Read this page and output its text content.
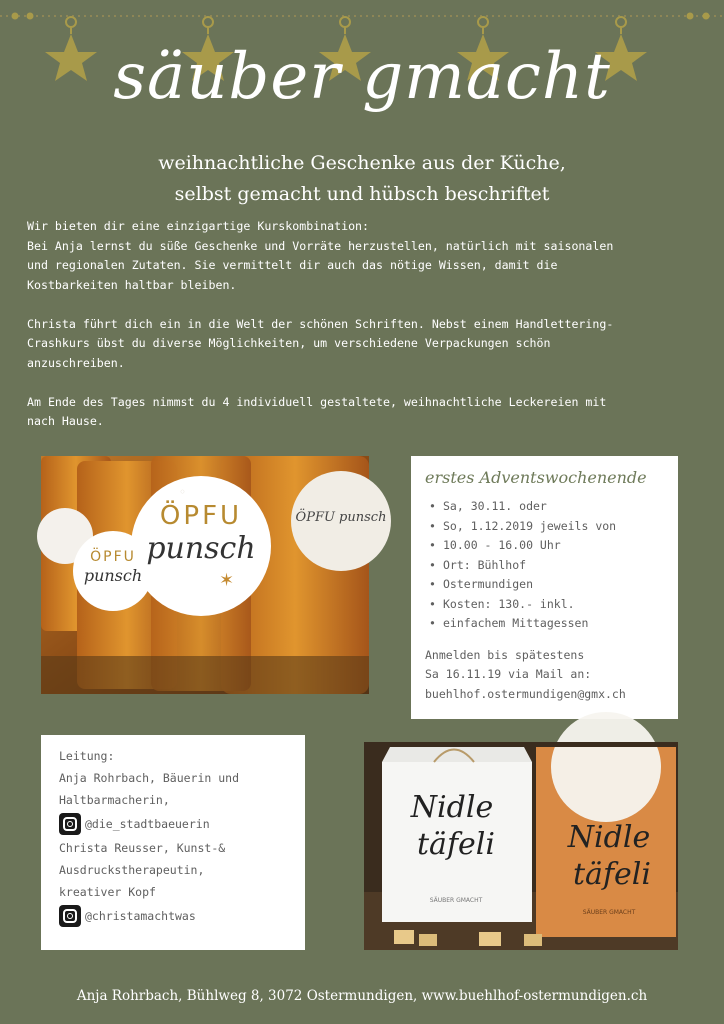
säuber gmacht
weihnachtliche Geschenke aus der Küche,
selbst gemacht und hübsch beschriftet

Wir bieten dir eine einzigartige Kurskombination:

Bei Anja lernst du süße Geschenke und Vorräte herzustellen, natürlich mit saisonalen

und regionalen Zutaten. Sie vermittelt dir auch das nötige Wissen, damit die

Kostbarkeiten haltbar bleiben.

Christa führt dich ein in die Welt der schönen Schriften. Nebst einem Handlettering-

Crashkurs übst du diverse Möglichkeiten, um verschiedene Verpackungen schön

anzuschreiben.

Am Ende des Tages nimmst du 4 individuell gestaltete, weihnachtliche Leckereien mit

nach Hause.

◦
ÖPFU
punsch
✶
ÖPFU
punsch
ÖPFU punsch
erstes Adventswochenende
• Sa, 30.11. oder
• So, 1.12.2019 jeweils von
• 10.00 - 16.00 Uhr
• Ort: Bühlhof
• Ostermundigen
• Kosten: 130.- inkl.
• einfachem Mittagessen
Anmelden bis spätestens
Sa 16.11.19 via Mail an:
buehlhof.ostermundigen@gmx.ch
Leitung:
Anja Rohrbach, Bäuerin und
Haltbarmacherin,
@die_stadtbaeuerin
Christa Reusser, Kunst-&
Ausdruckstherapeutin,
kreativer Kopf
@christamachtwas
Nidle
täfeli
SÄUBER GMACHT
Nidle
täfeli
SÄUBER GMACHT
Anja Rohrbach, Bühlweg 8, 3072 Ostermundigen, www.buehlhof-ostermundigen.ch
